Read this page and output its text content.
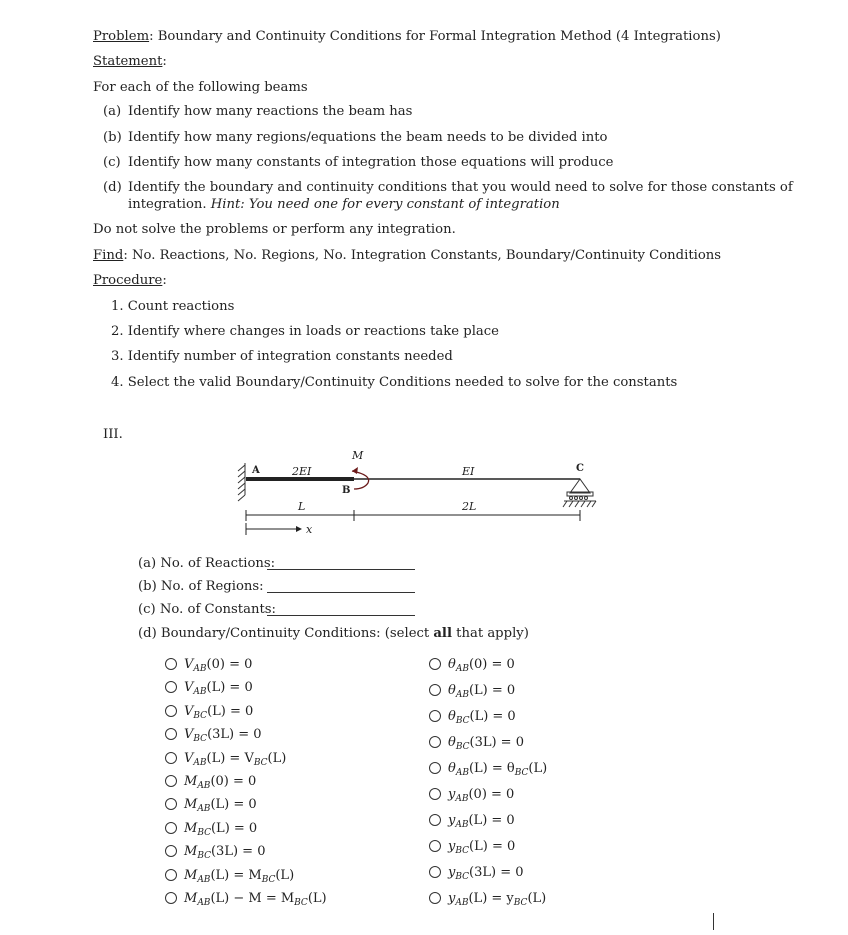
Problem: Boundary and Continuity Conditions for Formal Integration Method (4 Integrations)
Statement:
For each of the following beams
(a) Identify how many reactions the beam has
(b) Identify how many regions/equations the beam needs to be divided into
(c) Identify how many constants of integration those equations will produce
(d) Identify the boundary and continuity conditions that you would need to solve for those constants of
integration. Hint: You need one for every constant of integration
Do not solve the problems or perform any integration.
Find: No. Reactions, No. Regions, No. Integration Constants, Boundary/Continuity Conditions
Procedure:
1. Count reactions
2. Identify where changes in loads or reactions take place
3. Identify number of integration constants needed
4. Select the valid Boundary/Continuity Conditions needed to solve for the constants
III.
A	2EI
M
B
EI	C
L	2L
x
(a) No. of Reactions:
(b) No. of Regions:
(c) No. of Constants:
(d) Boundary/Continuity Conditions: (select all that apply)
$V_{AB}(0) = 0$
$V_{AB}(L) = 0$
$V_{BC}(L) = 0$
$V_{BC}(3L) = 0$
$V_{AB}(L) = V_{BC}(L)$
$M_{AB}(0) = 0$
$M_{AB}(L) = 0$
$M_{BC}(L) = 0$
$M_{BC}(3L) = 0$
$M_{AB}(L) = M_{BC}(L)$
$M_{AB}(L) - M = M_{BC}(L)$
$\theta_{AB}(0) = 0$
$\theta_{AB}(L) = 0$
$\theta_{BC}(L) = 0$
$\theta_{BC}(3L) = 0$
$\theta_{AB}(L) = \theta_{BC}(L)$
$y_{AB}(0) = 0$
$y_{AB}(L) = 0$
$y_{BC}(L) = 0$
$y_{BC}(3L) = 0$
$y_{AB}(L) = y_{BC}(L)$
